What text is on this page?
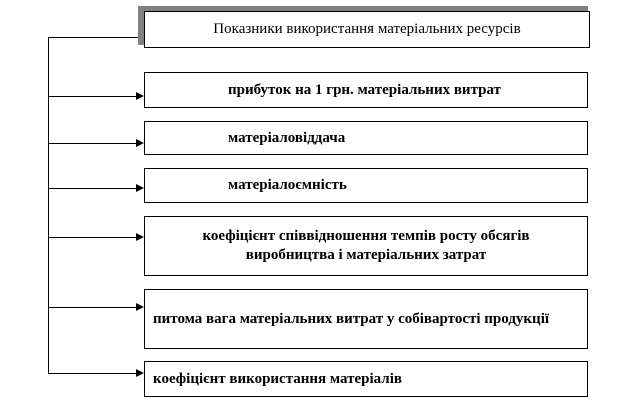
Показники використання матеріальних ресурсів
прибуток на 1 грн. матеріальних витрат
матеріаловіддача
матеріалоємність
коефіцієнт співвідношення темпів росту обсягів виробництва і матеріальних затрат
питома вага матеріальних витрат у собівартості продукції
коефіцієнт використання матеріалів
